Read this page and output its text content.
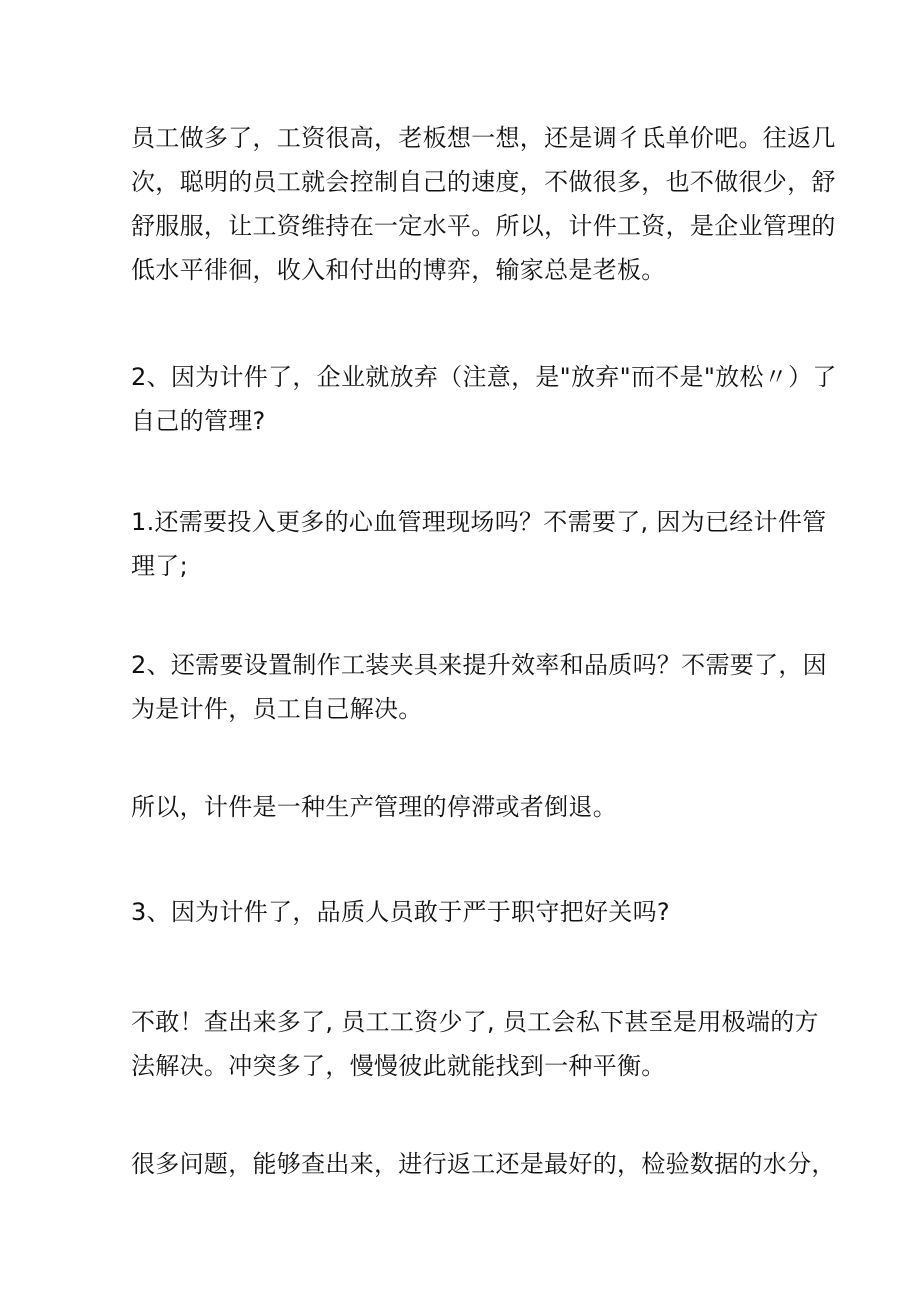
员工做多了，工资很高，老板想一想，还是调彳氐单价吧。往返几
次，聪明的员工就会控制自己的速度，不做很多，也不做很少，舒
舒服服，让工资维持在一定水平。所以，计件工资，是企业管理的
低水平徘徊，收入和付出的博弈，输家总是老板。

2、因为计件了，企业就放弃（注意，是"放弃"而不是"放松〃）了
自己的管理?

1.还需要投入更多的心血管理现场吗？不需要了, 因为已经计件管
理了;

2、还需要设置制作工装夹具来提升效率和品质吗？不需要了，因
为是计件，员工自己解决。

所以，计件是一种生产管理的停滞或者倒退。

3、因为计件了，品质人员敢于严于职守把好关吗?

不敢！查出来多了, 员工工资少了, 员工会私下甚至是用极端的方
法解决。冲突多了，慢慢彼此就能找到一种平衡。

很多问题，能够查出来，进行返工还是最好的，检验数据的水分，
